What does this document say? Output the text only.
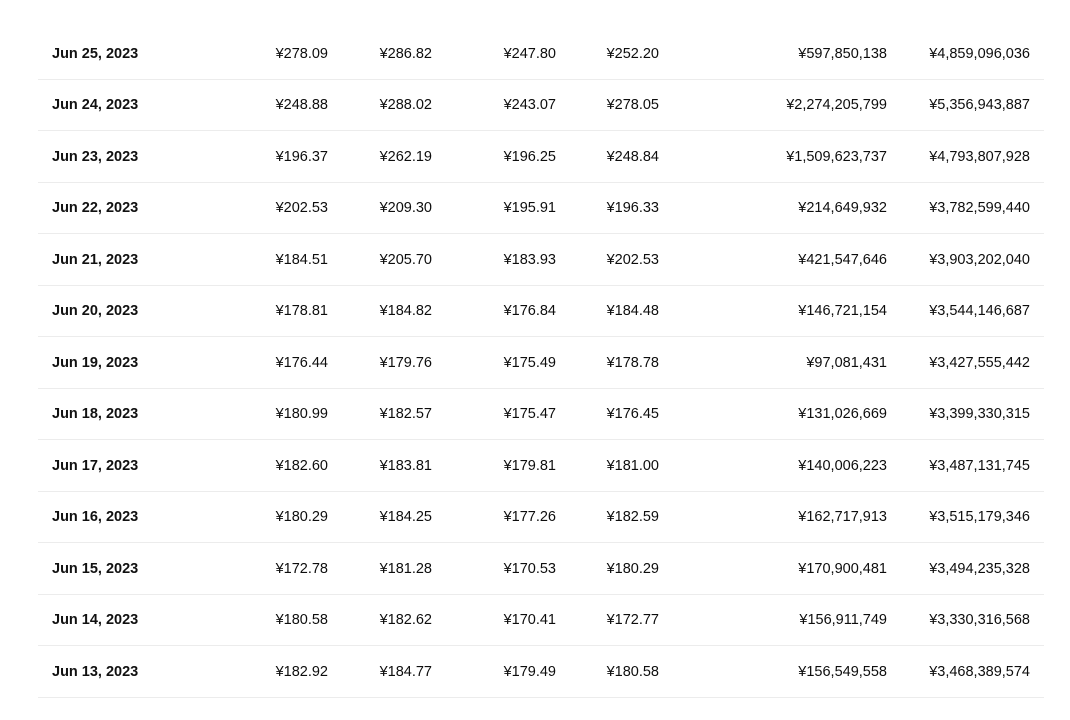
Jun 25, 2023	¥278.09	¥286.82	¥247.80	¥252.20	¥597,850,138	¥4,859,096,036
Jun 24, 2023	¥248.88	¥288.02	¥243.07	¥278.05	¥2,274,205,799	¥5,356,943,887
Jun 23, 2023	¥196.37	¥262.19	¥196.25	¥248.84	¥1,509,623,737	¥4,793,807,928
Jun 22, 2023	¥202.53	¥209.30	¥195.91	¥196.33	¥214,649,932	¥3,782,599,440
Jun 21, 2023	¥184.51	¥205.70	¥183.93	¥202.53	¥421,547,646	¥3,903,202,040
Jun 20, 2023	¥178.81	¥184.82	¥176.84	¥184.48	¥146,721,154	¥3,544,146,687
Jun 19, 2023	¥176.44	¥179.76	¥175.49	¥178.78	¥97,081,431	¥3,427,555,442
Jun 18, 2023	¥180.99	¥182.57	¥175.47	¥176.45	¥131,026,669	¥3,399,330,315
Jun 17, 2023	¥182.60	¥183.81	¥179.81	¥181.00	¥140,006,223	¥3,487,131,745
Jun 16, 2023	¥180.29	¥184.25	¥177.26	¥182.59	¥162,717,913	¥3,515,179,346
Jun 15, 2023	¥172.78	¥181.28	¥170.53	¥180.29	¥170,900,481	¥3,494,235,328
Jun 14, 2023	¥180.58	¥182.62	¥170.41	¥172.77	¥156,911,749	¥3,330,316,568
Jun 13, 2023	¥182.92	¥184.77	¥179.49	¥180.58	¥156,549,558	¥3,468,389,574
